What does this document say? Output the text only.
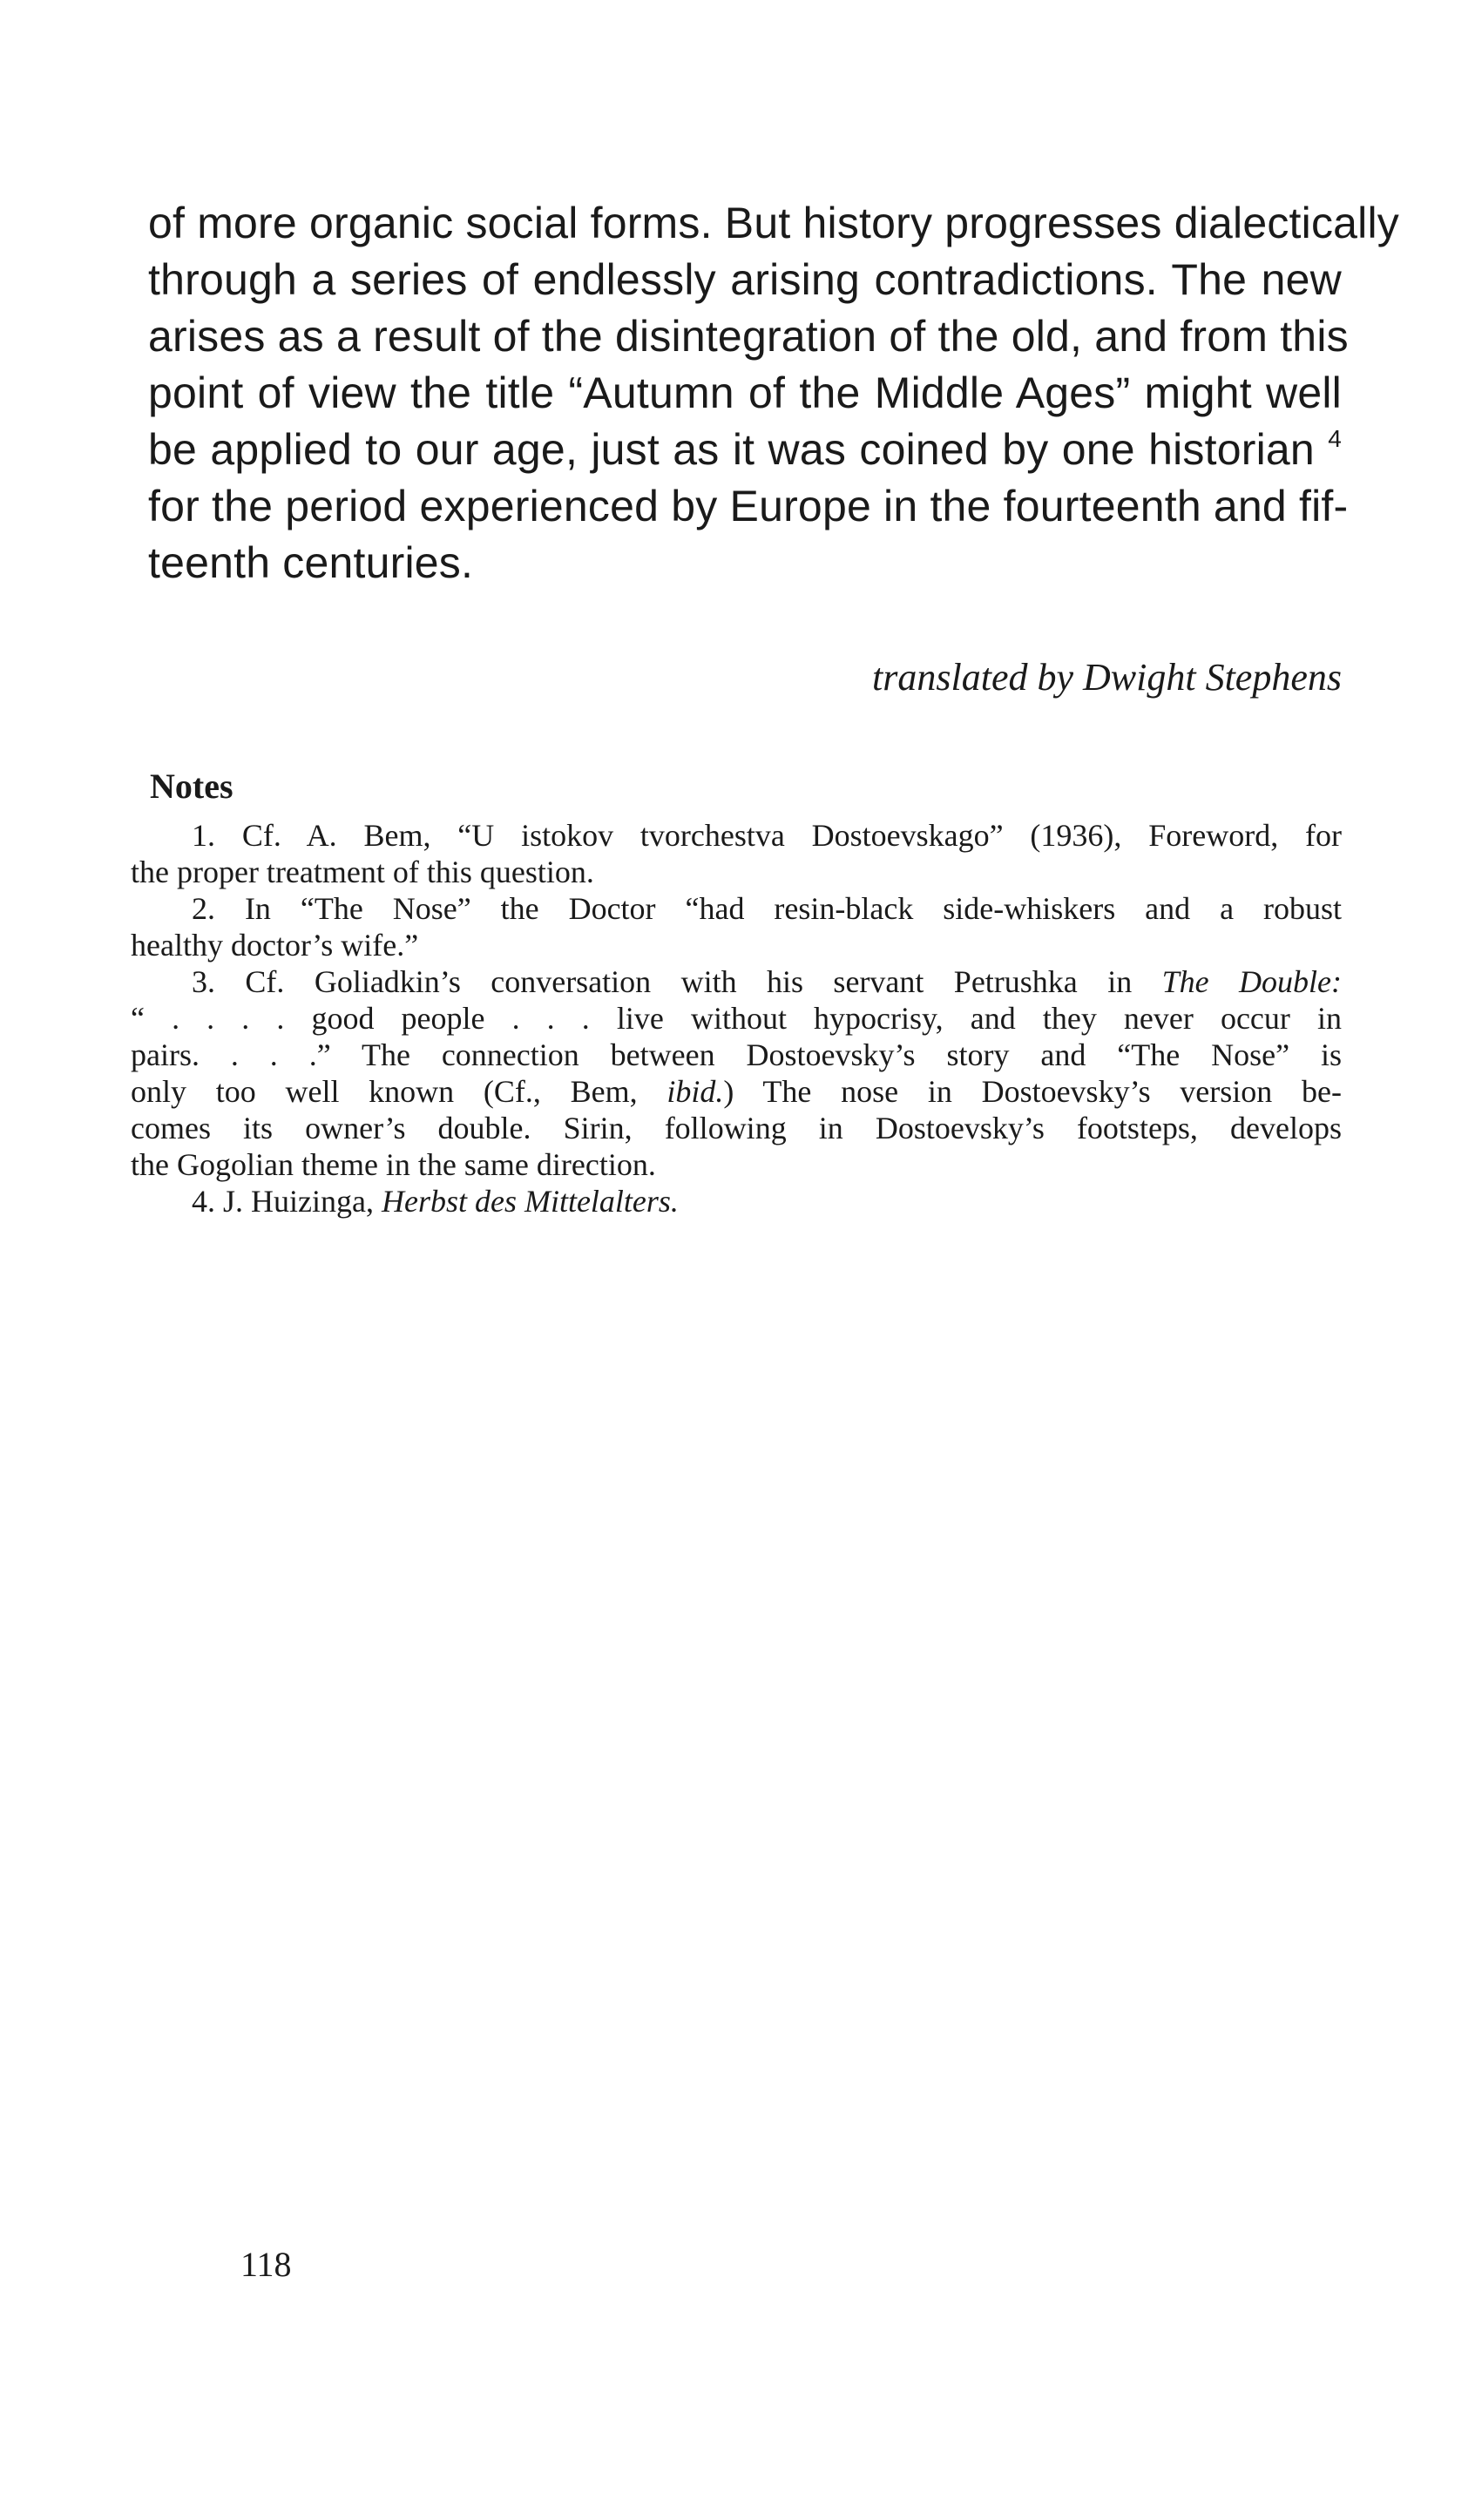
of more organic social forms. But history progresses dialectically
through a series of endlessly arising contradictions. The new
arises as a result of the disintegration of the old, and from this
point of view the title “Autumn of the Middle Ages” might well
be applied to our age, just as it was coined by one historian $^4$
for the period experienced by Europe in the fourteenth and fif-
teenth centuries.

translated by Dwight Stephens

Notes
1. Cf. A. Bem, “U istokov tvorchestva Dostoevskago” (1936), Foreword, for
the proper treatment of this question.
2. In “The Nose” the Doctor “had resin-black side-whiskers and a robust
healthy doctor’s wife.”
3. Cf. Goliadkin’s conversation with his servant Petrushka in The Double:
“ . . . . good people . . . live without hypocrisy, and they never occur in
pairs. . . .” The connection between Dostoevsky’s story and “The Nose” is
only too well known (Cf., Bem, ibid.) The nose in Dostoevsky’s version be-
comes its owner’s double. Sirin, following in Dostoevsky’s footsteps, develops
the Gogolian theme in the same direction.
4. J. Huizinga, Herbst des Mittelalters.

118
